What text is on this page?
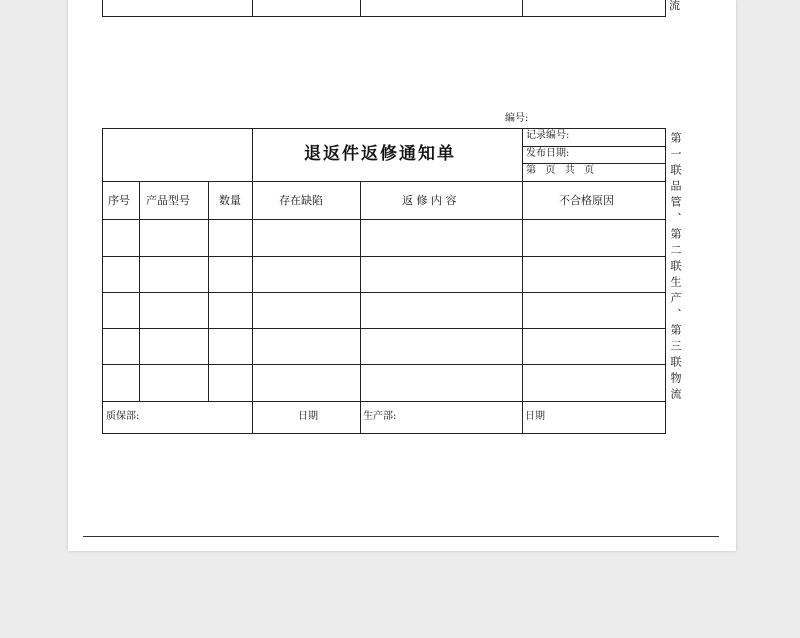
流
编号:
退返件返修通知单
记录编号:
发布日期:
第  页  共  页
序号 产品型号	数量	存在缺陷	返 修 内 容	不合格原因
质保部:	日期	生产部:	日期
第一联品管、第二联生产、第三联物流
